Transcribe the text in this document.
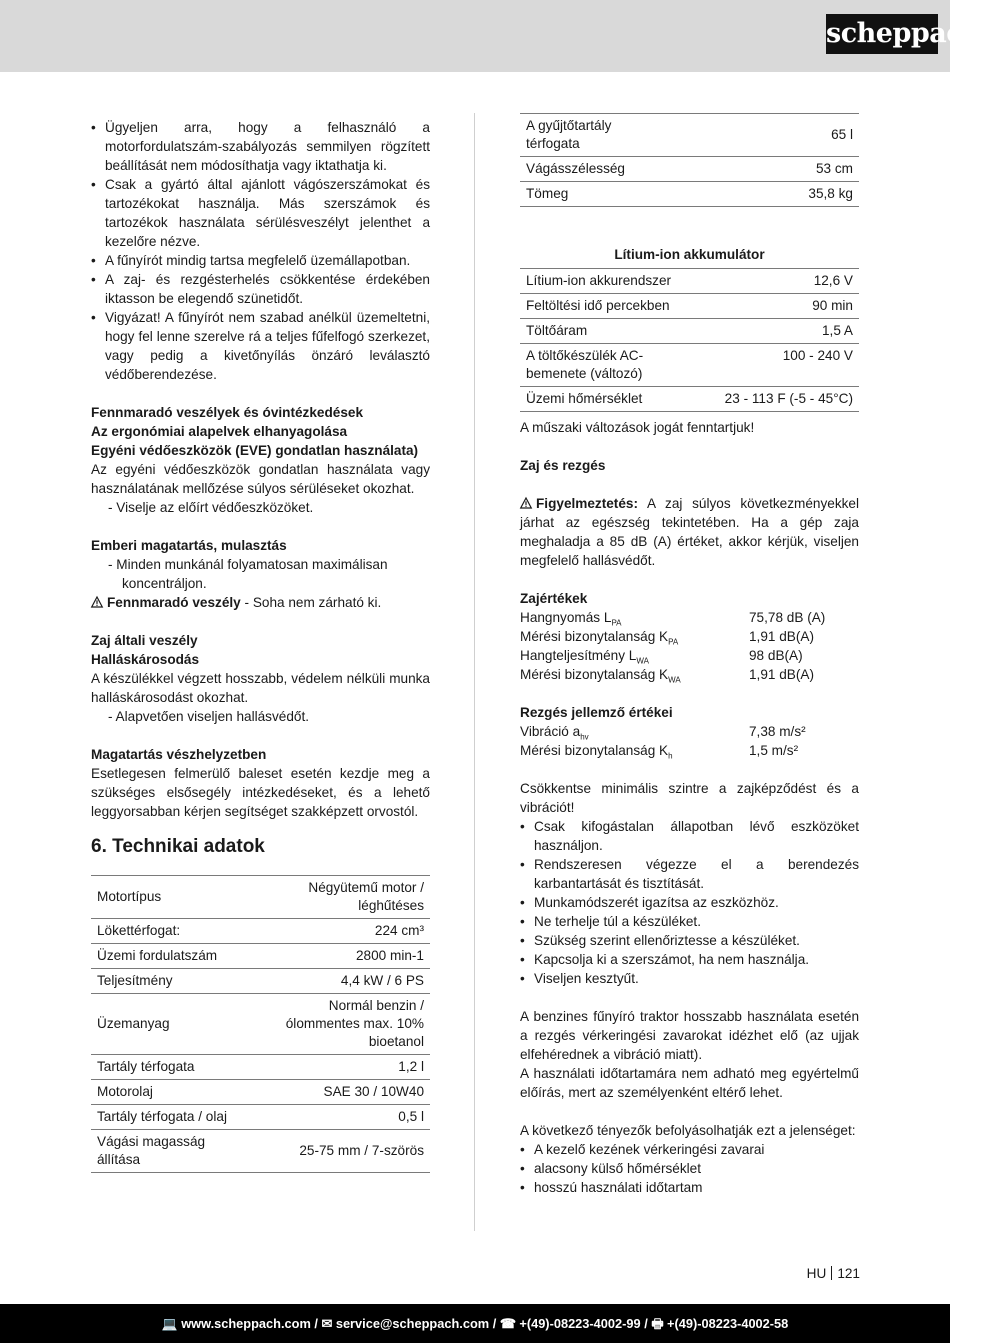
scheppach
• Ügyeljen arra, hogy a felhasználó a motorfordulatszám-szabályozás semmilyen rögzített beállítását nem módosíthatja vagy iktathatja ki.
• Csak a gyártó által ajánlott vágószerszámokat és tartozékokat használja. Más szerszámok és tartozékok használata sérülésveszélyt jelenthet a kezelőre nézve.
• A fűnyírót mindig tartsa megfelelő üzemállapotban.
• A zaj- és rezgésterhelés csökkentése érdekében iktasson be elegendő szünetidőt.
• Vigyázat! A fűnyírót nem szabad anélkül üzemeltetni, hogy fel lenne szerelve rá a teljes fűfelfogó szerkezet, vagy pedig a kivetőnyílás önzáró leválasztó védőberendezése.

Fennmaradó veszélyek és óvintézkedések

Az ergonómiai alapelvek elhanyagolása

Egyéni védőeszközök (EVE) gondatlan használata)

Az egyéni védőeszközök gondatlan használata vagy használatának mellőzése súlyos sérüléseket okozhat.

- Viselje az előírt védőeszközöket.

Emberi magatartás, mulasztás

- Minden munkánál folyamatosan maximálisan

koncentráljon.

Fennmaradó veszély - Soha nem zárható ki.

Zaj általi veszély

Halláskárosodás

A készülékkel végzett hosszabb, védelem nélküli munka halláskárosodást okozhat.

- Alapvetően viseljen hallásvédőt.

Magatartás vészhelyzetben

Esetlegesen felmerülő baleset esetén kezdje meg a szükséges elsősegély intézkedéseket, és a lehető leggyorsabban kérjen segítséget szakképzett orvostól.

6. Technikai adatok
Motortípus	Négyütemű motor / léghűtéses
Lökettérfogat:	224 cm³
Üzemi fordulatszám	2800 min-1
Teljesítmény	4,4 kW / 6 PS
Üzemanyag	Normál benzin / ólommentes max. 10% bioetanol
Tartály térfogata	1,2 l
Motorolaj	SAE 30 / 10W40
Tartály térfogata / olaj	0,5 l
Vágási magasság állítása	25-75 mm / 7-szörös
A gyűjtőtartály térfogata	65 l
Vágásszélesség	53 cm
Tömeg	35,8 kg
Lítium-ion akkumulátor
Lítium-ion akkurendszer	12,6 V
Feltöltési idő percekben	90 min
Töltőáram	1,5 A
A töltőkészülék AC-bemenete (változó)	100 - 240 V
Üzemi hőmérséklet	23 - 113 F (-5 - 45°C)

A műszaki változások jogát fenntartjuk!

Zaj és rezgés

Figyelmeztetés: A zaj súlyos következményekkel járhat az egészség tekintetében. Ha a gép zaja meghaladja a 85 dB (A) értéket, akkor kérjük, viseljen megfelelő hallásvédőt.

Zajértékek

Hangnyomás $L_{PA}$	75,78 dB (A)
Mérési bizonytalanság $K_{PA}$	1,91 dB(A)
Hangteljesítmény $L_{WA}$	98 dB(A)
Mérési bizonytalanság $K_{WA}$	1,91 dB(A)

Rezgés jellemző értékei

Vibráció $a_{hv}$	7,38 m/s²
Mérési bizonytalanság $K_h$	1,5 m/s²

Csökkentse minimális szintre a zajképződést és a vibrációt!

• Csak kifogástalan állapotban lévő eszközöket használjon.
• Rendszeresen végezze el a berendezés karbantartását és tisztítását.
• Munkamódszerét igazítsa az eszközhöz.
• Ne terhelje túl a készüléket.
• Szükség szerint ellenőriztesse a készüléket.
• Kapcsolja ki a szerszámot, ha nem használja.
• Viseljen kesztyűt.

A benzines fűnyíró traktor hosszabb használata esetén a rezgés vérkeringési zavarokat idézhet elő (az ujjak elfehérednek a vibráció miatt).

A használati időtartamára nem adható meg egyértelmű előírás, mert az személyenként eltérő lehet.

A következő tényezők befolyásolhatják ezt a jelenséget:

• A kezelő kezének vérkeringési zavarai
• alacsony külső hőmérséklet
• hosszú használati időtartam
HU 121
💻 www.scheppach.com / ✉ service@scheppach.com / ☎ +(49)-08223-4002-99 / 🖶 +(49)-08223-4002-58
